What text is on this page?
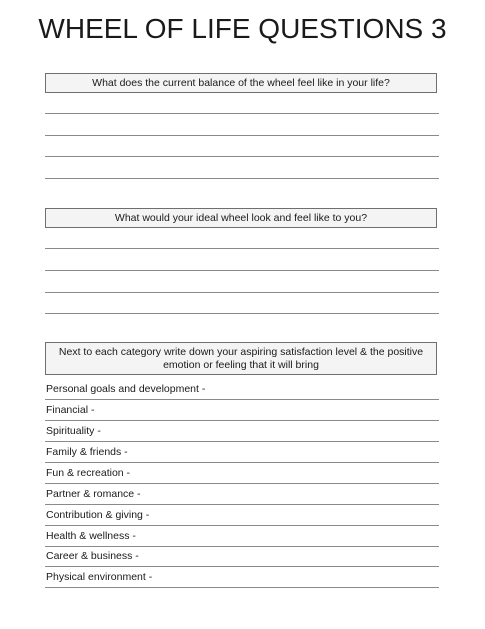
WHEEL OF LIFE QUESTIONS 3
What does the current balance of the wheel feel like in your life?
What would your ideal wheel look and feel like to you?
Next to each category write down your aspiring satisfaction level & the positive emotion or feeling that it will bring
Personal goals and development -
Financial -
Spirituality -
Family & friends -
Fun & recreation -
Partner & romance -
Contribution & giving -
Health & wellness -
Career & business -
Physical environment -
